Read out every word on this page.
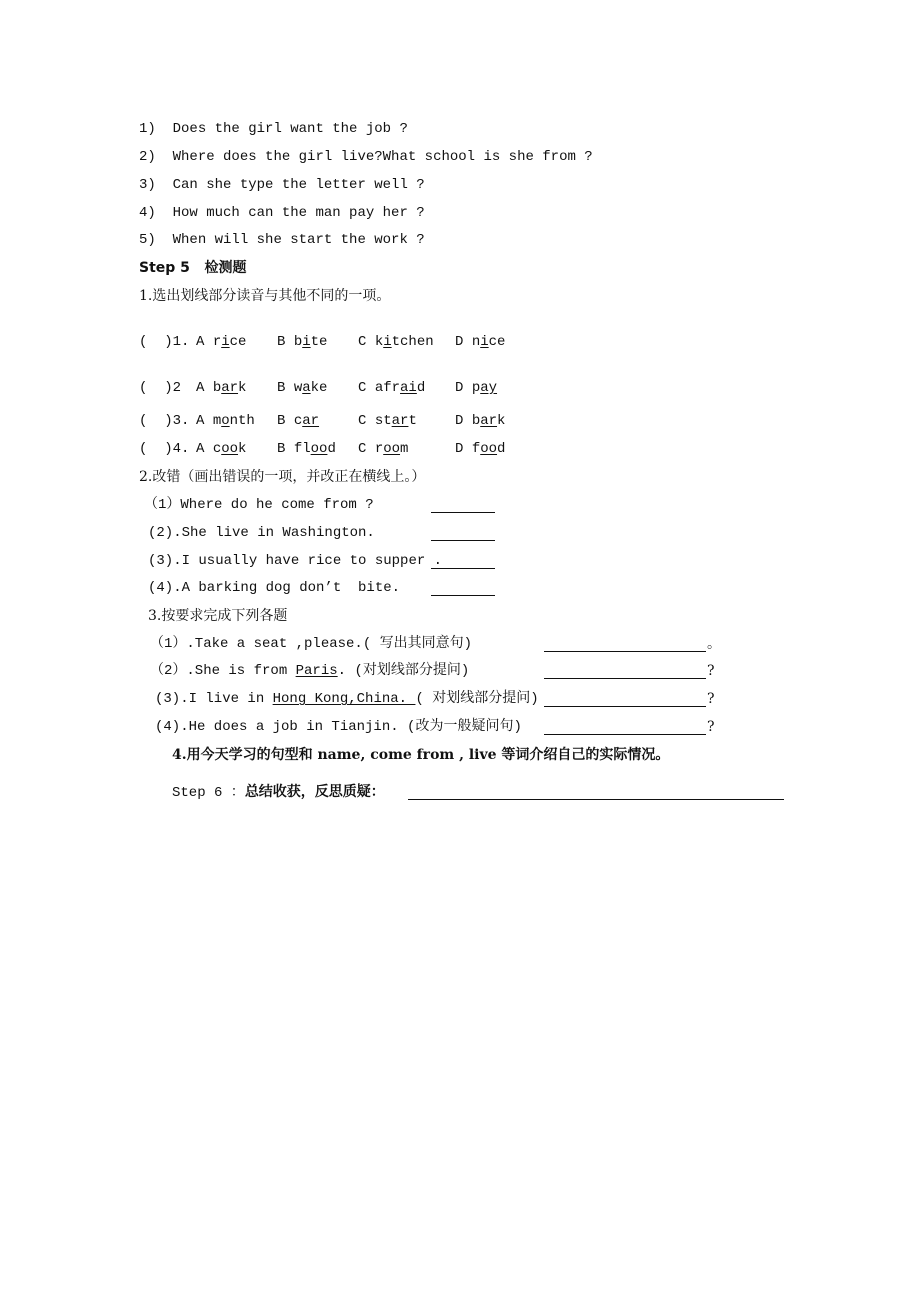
1) Does the girl want the job ?
2) Where does the girl live?What school is she from ?
3) Can she type the letter well ?
4) How much can the man pay her ?
5) When will she start the work ?
Step 5 检测题
1.选出划线部分读音与其他不同的一项。
(  )1. A rice B bite C kitchen D nice
(  )2 A bark B wake C afraid D pay
(  )3. A month B car	C start	D bark
(  )4. A cook B flood C room	D food
2.改错（画出错误的一项，并改正在横线上。）
（1）Where do he come from ?
(2).She live in Washington.
(3).I usually have rice to supper .
(4).A barking dog don’t  bite.
3.按要求完成下列各题
（1）.Take a seat ,please.( 写出其同意句)	。
（2）.She is from Paris. (对划线部分提问)	?
(3).I live in Hong Kong,China. ( 对划线部分提问)	?
(4).He does a job in Tianjin. (改为一般疑问句)	?
4.用今天学习的句型和 name, come from , live 等词介绍自己的实际情况。
Step 6 ：总结收获，反思质疑：
